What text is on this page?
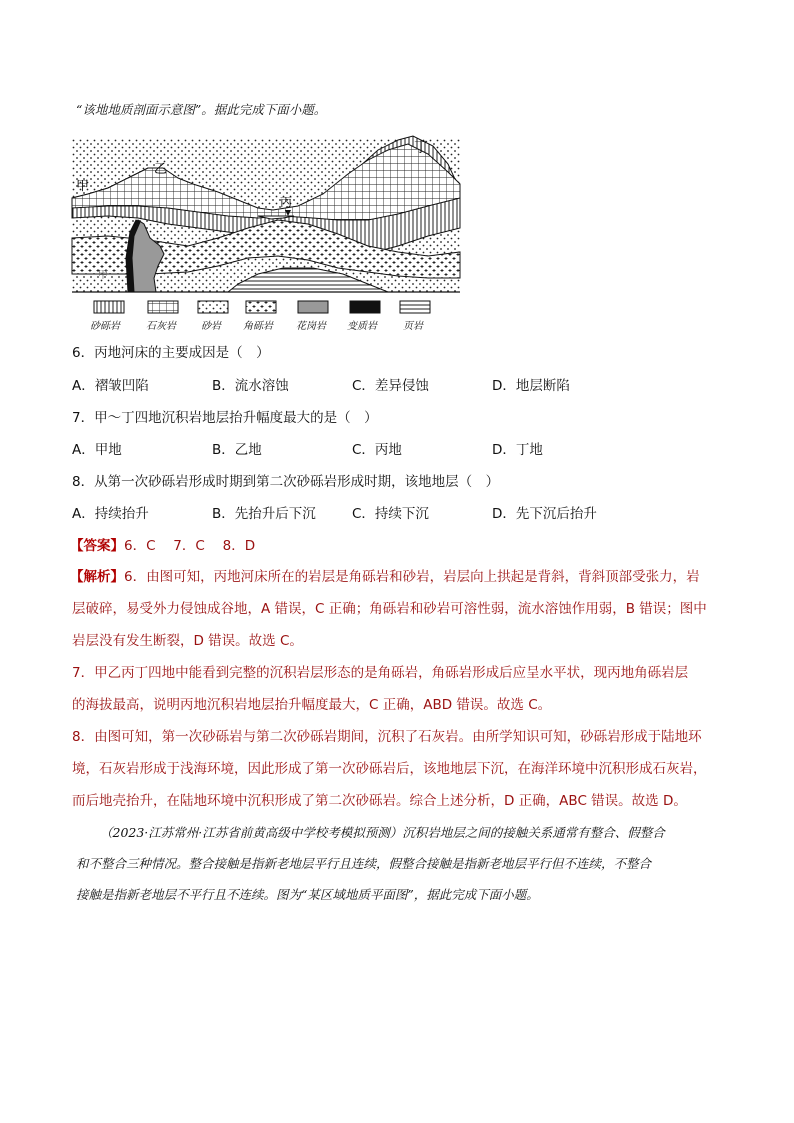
“该地地质剖面示意图”。据此完成下面小题。
甲
乙
丙
丁
甲
砂砾岩	石灰岩	砂岩 角砾岩 花岗岩 变质岩	页岩
6．丙地河床的主要成因是（　）
A．褶皱凹陷	B．流水溶蚀	C．差异侵蚀	D．地层断陷
7．甲～丁四地沉积岩地层抬升幅度最大的是（　）
A．甲地	B．乙地	C．丙地	D．丁地
8．从第一次砂砾岩形成时期到第二次砂砾岩形成时期，该地地层（　）
A．持续抬升	B．先抬升后下沉	C．持续下沉	D．先下沉后抬升
【答案】6．C　 7．C　 8．D
【解析】6．由图可知，丙地河床所在的岩层是角砾岩和砂岩，岩层向上拱起是背斜，背斜顶部受张力，岩
层破碎，易受外力侵蚀成谷地，A 错误，C 正确；角砾岩和砂岩可溶性弱，流水溶蚀作用弱，B 错误；图中
岩层没有发生断裂，D 错误。故选 C。
7．甲乙丙丁四地中能看到完整的沉积岩层形态的是角砾岩，角砾岩形成后应呈水平状，现丙地角砾岩层
的海拔最高，说明丙地沉积岩地层抬升幅度最大，C 正确，ABD 错误。故选 C。
8．由图可知，第一次砂砾岩与第二次砂砾岩期间，沉积了石灰岩。由所学知识可知，砂砾岩形成于陆地环
境，石灰岩形成于浅海环境，因此形成了第一次砂砾岩后，该地地层下沉，在海洋环境中沉积形成石灰岩，
而后地壳抬升，在陆地环境中沉积形成了第二次砂砾岩。综合上述分析，D 正确，ABC 错误。故选 D。
（2023·江苏常州·江苏省前黄高级中学校考模拟预测）沉积岩地层之间的接触关系通常有整合、假整合
和不整合三种情况。整合接触是指新老地层平行且连续，假整合接触是指新老地层平行但不连续，不整合
接触是指新老地层不平行且不连续。图为“某区域地质平面图”，据此完成下面小题。
